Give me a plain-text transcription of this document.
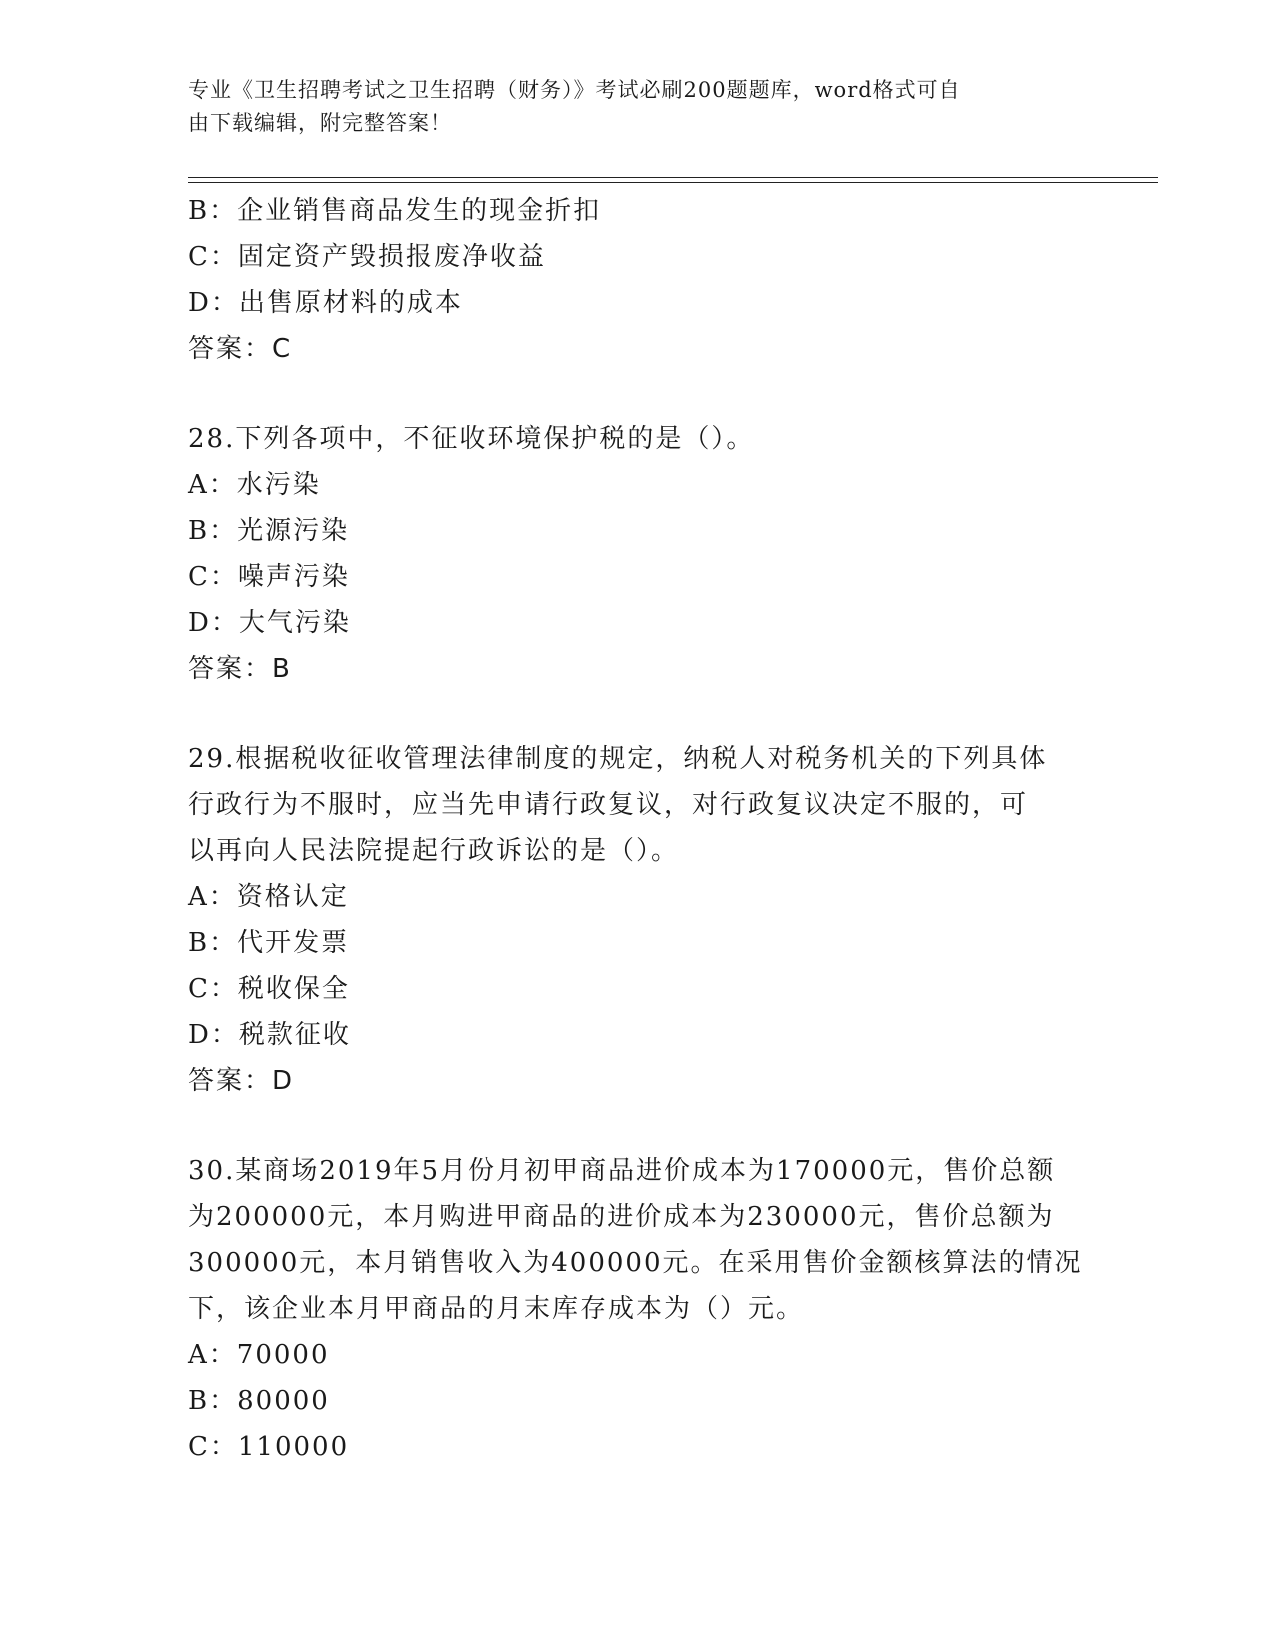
专业《卫生招聘考试之卫生招聘（财务）》考试必刷200题题库，word格式可自
由下载编辑，附完整答案！
B：企业销售商品发生的现金折扣
C：固定资产毁损报废净收益
D：出售原材料的成本
答案：C
28.下列各项中，不征收环境保护税的是（）。
A：水污染
B：光源污染
C：噪声污染
D：大气污染
答案：B
29.根据税收征收管理法律制度的规定，纳税人对税务机关的下列具体
行政行为不服时，应当先申请行政复议，对行政复议决定不服的，可
以再向人民法院提起行政诉讼的是（）。
A：资格认定
B：代开发票
C：税收保全
D：税款征收
答案：D
30.某商场2019年5月份月初甲商品进价成本为170000元，售价总额
为200000元，本月购进甲商品的进价成本为230000元，售价总额为
300000元，本月销售收入为400000元。在采用售价金额核算法的情况
下，该企业本月甲商品的月末库存成本为（）元。
A：70000
B：80000
C：110000
